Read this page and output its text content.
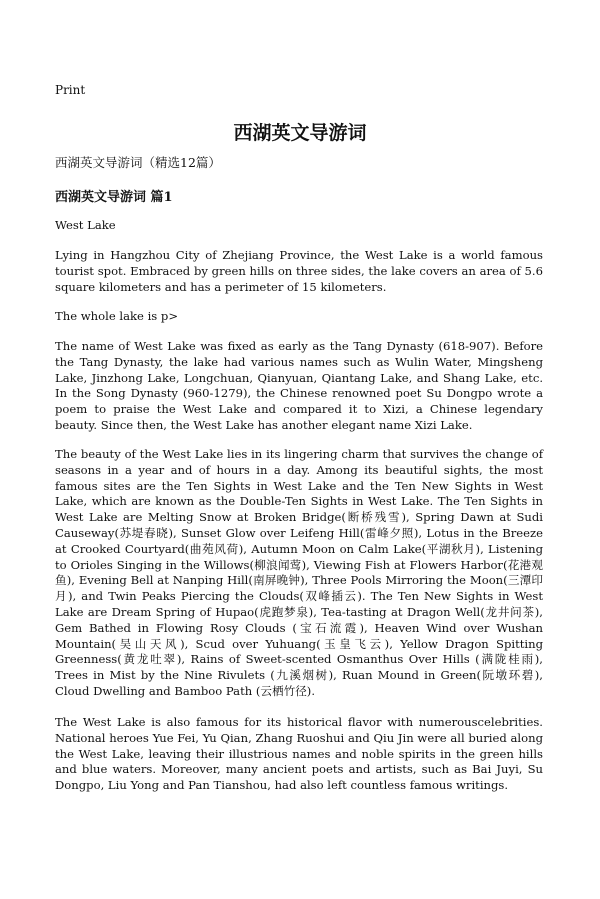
Print
西湖英文导游词
西湖英文导游词（精选12篇）
西湖英文导游词 篇1

West Lake

Lying in Hangzhou City of Zhejiang Province, the West Lake is a world famous tourist spot. Embraced by green hills on three sides, the lake covers an area of 5.6 square kilometers and has a perimeter of 15 kilometers.

The whole lake is p>

The name of West Lake was fixed as early as the Tang Dynasty (618-907). Before the Tang Dynasty, the lake had various names such as Wulin Water, Mingsheng Lake, Jinzhong Lake, Longchuan, Qianyuan, Qiantang Lake, and Shang Lake, etc. In the Song Dynasty (960-1279), the Chinese renowned poet Su Dongpo wrote a poem to praise the West Lake and compared it to Xizi, a Chinese legendary beauty. Since then, the West Lake has another elegant name Xizi Lake.

The beauty of the West Lake lies in its lingering charm that survives the change of seasons in a year and of hours in a day. Among its beautiful sights, the most famous sites are the Ten Sights in West Lake and the Ten New Sights in West Lake, which are known as the Double-Ten Sights in West Lake. The Ten Sights in West Lake are Melting Snow at Broken Bridge(断桥残雪), Spring Dawn at Sudi Causeway(苏堤春晓), Sunset Glow over Leifeng Hill(雷峰夕照), Lotus in the Breeze at Crooked Courtyard(曲苑风荷), Autumn Moon on Calm Lake(平湖秋月), Listening to Orioles Singing in the Willows(柳浪闻莺), Viewing Fish at Flowers Harbor(花港观鱼), Evening Bell at Nanping Hill(南屏晚钟), Three Pools Mirroring the Moon(三潭印月), and Twin Peaks Piercing the Clouds(双峰插云). The Ten New Sights in West Lake are Dream Spring of Hupao(虎跑梦泉), Tea-tasting at Dragon Well(龙井问茶), Gem Bathed in Flowing Rosy Clouds (宝石流霞), Heaven Wind over Wushan Mountain(吴山天风), Scud over Yuhuang(玉皇飞云), Yellow Dragon Spitting Greenness(黄龙吐翠), Rains of Sweet-scented Osmanthus Over Hills (满陇桂雨), Trees in Mist by the Nine Rivulets (九溪烟树), Ruan Mound in Green(阮墩环碧), Cloud Dwelling and Bamboo Path (云栖竹径).

The West Lake is also famous for its historical flavor with numerouscelebrities. National heroes Yue Fei, Yu Qian, Zhang Ruoshui and Qiu Jin were all buried along the West Lake, leaving their illustrious names and noble spirits in the green hills and blue waters. Moreover, many ancient poets and artists, such as Bai Juyi, Su Dongpo, Liu Yong and Pan Tianshou, had also left countless famous writings.
